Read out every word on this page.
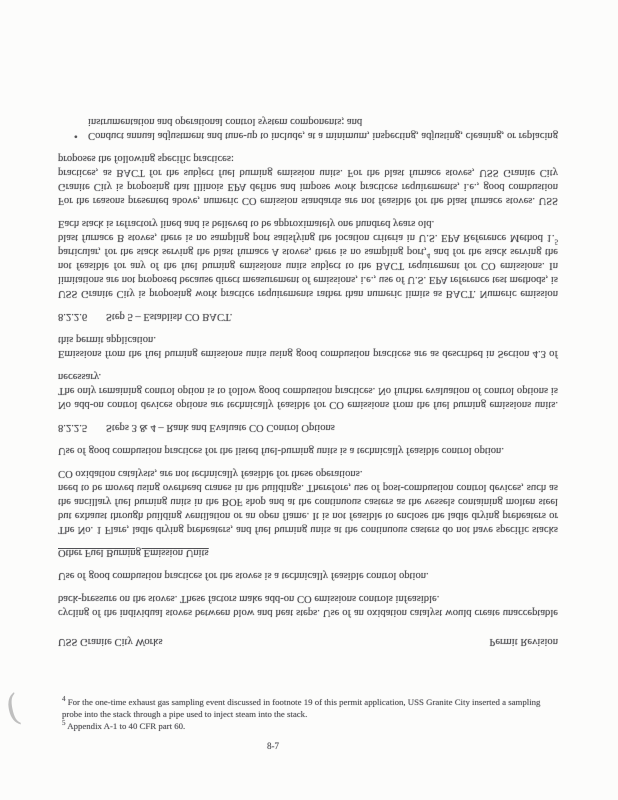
USS Granite City Works	Permit Revision

cycling of the individual stoves between blow and heat steps. Use of an oxidation catalyst would create unacceptable back-pressure on the stoves. These factors make add-on CO emissions controls infeasible.

Use of good combustion practices for the stoves is a technically feasible control option.

Other Fuel Burning Emission Units

The No. 1 Flare, ladle drying preheaters, and fuel burning units at the continuous casters do not have specific stacks but exhaust through building ventilation or an open flame. It is not feasible to enclose the ladle drying preheaters or the ancillary fuel burning units in the BOF shop and at the continuous casters as the vessels containing molten steel need to be moved using overhead cranes in the buildings. Therefore, use of post-combustion control devices, such as CO oxidation catalysts, are not technically feasible for these operations.

Use of good combustion practices for the listed fuel-burning units is a technically feasible control option.

8.2.2.5 Steps 3 & 4 – Rank and Evaluate CO Control Options

No add-on control devices options are technically feasible for CO emissions from the fuel burning emissions units. The only remaining control option is to follow good combustion practices. No further evaluation of control options is necessary.

Emissions from the fuel burning emissions units using good combustion practices are as described in Section 4.3 of this permit application.

8.2.2.6 Step 5 – Establish CO BACT.

USS Granite City is proposing work practice requirements rather than numeric limits as BACT. Numeric emission limitations are not proposed because direct measurement of emissions, i.e., use of U.S. EPA reference test methods, is not feasible for any of the fuel burning emissions units subject to the BACT requirement for CO emissions. In particular, for the stack serving the blast furnace A stoves, there is no sampling port,$^4$ and for the stack serving the blast furnace B stoves, there is no sampling port satisfying the location criteria in U.S. EPA Reference Method 1.$^5$ Each stack is refractory lined and is believed to be approximately one hundred years old.

For the reasons presented above, numeric CO emission standards are not feasible for the blast furnace stoves. USS Granite City is proposing that Illinois EPA define and impose work practices requirements, i.e., good combustion practices, as BACT for the subject fuel burning emission units. For the blast furnace stoves, USS Granite City proposes the following specific practices:

• Conduct annual adjustment and tune-up to include, at a minimum, inspecting, adjusting, cleaning, or replacing instrumentation and operational control system components; and
(	$^4$ For the one-time exhaust gas sampling event discussed in footnote 19 of this permit application, USS Granite City inserted a sampling probe into the stack through a pipe used to inject steam into the stack.

$^5$ Appendix A-1 to 40 CFR part 60.

8-7
